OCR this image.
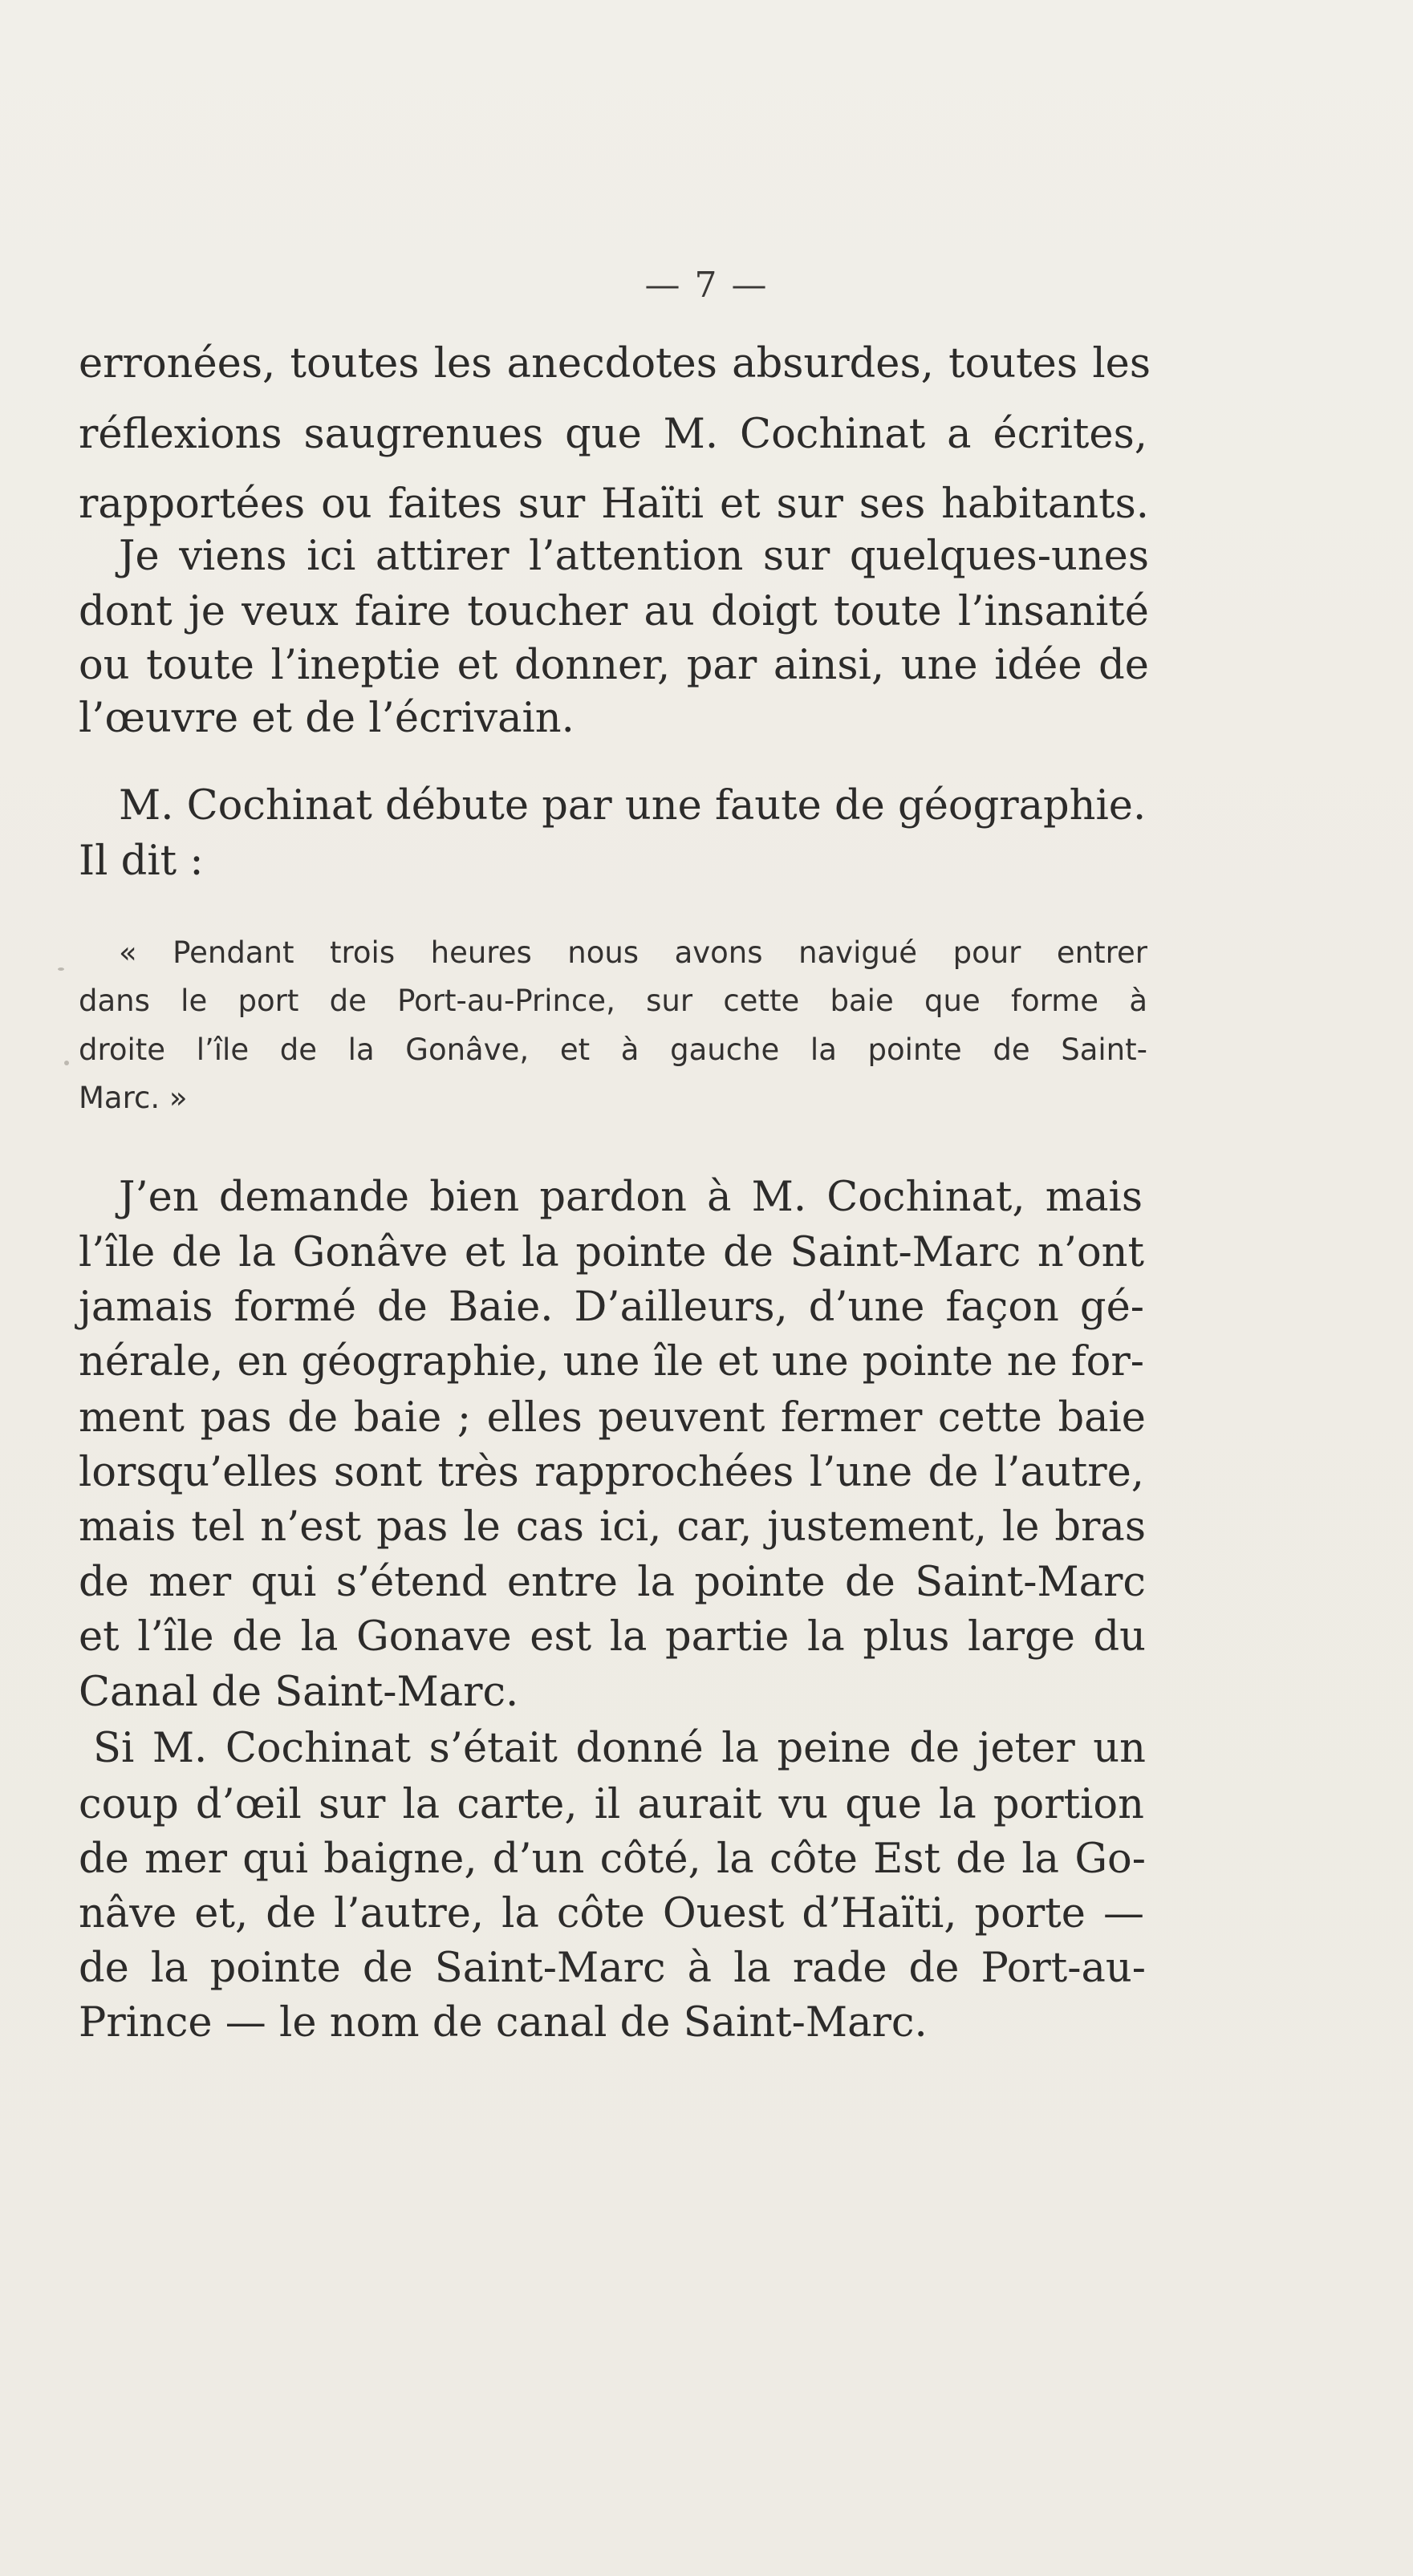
— 7 —
erronées, toutes les anecdotes absurdes, toutes les
réflexions saugrenues que M. Cochinat a écrites,
rapportées ou faites sur Haïti et sur ses habitants.
Je viens ici attirer l’attention sur quelques-unes
dont je veux faire toucher au doigt toute l’insanité
ou toute l’ineptie et donner, par ainsi, une idée de
l’œuvre et de l’écrivain.
M. Cochinat débute par une faute de géographie.
Il dit :
« Pendant trois heures nous avons navigué pour entrer
dans le port de Port-au-Prince, sur cette baie que forme à
droite l’île de la Gonâve, et à gauche la pointe de Saint-
Marc. »
J’en demande bien pardon à M. Cochinat, mais
l’île de la Gonâve et la pointe de Saint-Marc n’ont
jamais formé de Baie. D’ailleurs, d’une façon gé-
nérale, en géographie, une île et une pointe ne for-
ment pas de baie ; elles peuvent fermer cette baie
lorsqu’elles sont très rapprochées l’une de l’autre,
mais tel n’est pas le cas ici, car, justement, le bras
de mer qui s’étend entre la pointe de Saint-Marc
et l’île de la Gonave est la partie la plus large du
Canal de Saint-Marc.
Si M. Cochinat s’était donné la peine de jeter un
coup d’œil sur la carte, il aurait vu que la portion
de mer qui baigne, d’un côté, la côte Est de la Go-
nâve et, de l’autre, la côte Ouest d’Haïti, porte —
de la pointe de Saint-Marc à la rade de Port-au-
Prince — le nom de canal de Saint-Marc.
